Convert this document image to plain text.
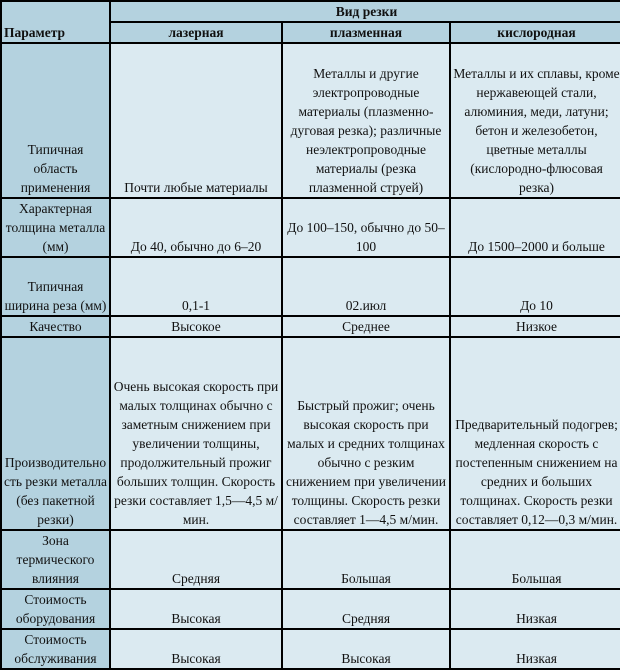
Параметр	Вид резки		
	лазерная	плазменная	кислородная
Типичная область применения	Почти любые материалы	Металлы и другие электропроводные материалы (плазменно-дуговая резка); различные неэлектропроводные материалы (резка плазменной струей)	Металлы и их сплавы, кроме нержавеющей стали, алюминия, меди, латуни; бетон и железобетон, цветные металлы (кислородно-флюсовая резка)
Характерная толщина металла (мм)	До 40, обычно до 6–20	До 100–150, обычно до 50–100	До 1500–2000 и больше
Типичная ширина реза (мм)	0,1-1	02.июл	До 10
Качество	Высокое	Среднее	Низкое
Производительность резки металла (без пакетной резки)	Очень высокая скорость при малых толщинах обычно с заметным снижением при увеличении толщины, продолжительный прожиг больших толщин. Скорость резки составляет 1,5—4,5 м/мин.	Быстрый прожиг; очень высокая скорость при малых и средних толщинах обычно с резким снижением при увеличении толщины. Скорость резки составляет 1—4,5 м/мин.	Предварительный подогрев; медленная скорость с постепенным снижением на средних и больших толщинах. Скорость резки составляет 0,12—0,3 м/мин.
Зона термического влияния	Средняя	Большая	Большая
Стоимость оборудования	Высокая	Средняя	Низкая
Стоимость обслуживания	Высокая	Высокая	Низкая
